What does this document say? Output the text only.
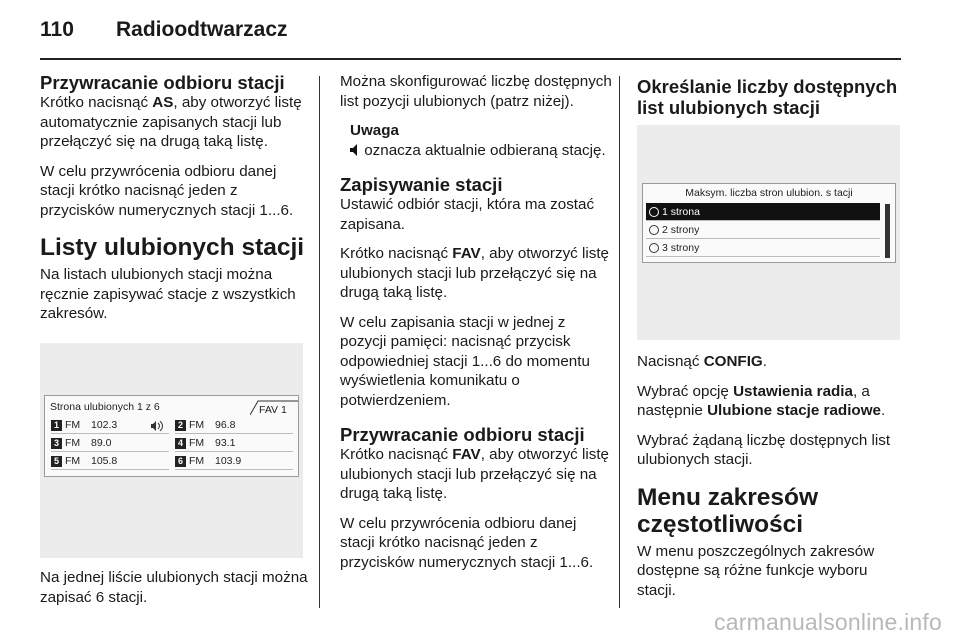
110 Radioodtwarzacz
Przywracanie odbioru stacji

Krótko nacisnąć AS, aby otworzyć listę automatycznie zapisanych stacji lub przełączyć się na drugą taką listę.

W celu przywrócenia odbioru danej stacji krótko nacisnąć jeden z przycisków numerycznych stacji 1...6.

Listy ulubionych stacji

Na listach ulubionych stacji można ręcznie zapisywać stacje z wszystkich zakresów.

Strona ulubionych 1 z 6	FAV 1
1 FM 102.3	2 FM 96.8
3 FM 89.0	4 FM 93.1
5 FM 105.8	6 FM 103.9

Na jednej liście ulubionych stacji można zapisać 6 stacji.

Można skonfigurować liczbę dostępnych list pozycji ulubionych (patrz niżej).

Uwaga
oznacza aktualnie odbieraną stację.
Zapisywanie stacji

Ustawić odbiór stacji, która ma zostać zapisana.

Krótko nacisnąć FAV, aby otworzyć listę ulubionych stacji lub przełączyć się na drugą taką listę.

W celu zapisania stacji w jednej z pozycji pamięci: nacisnąć przycisk odpowiedniej stacji 1...6 do momentu wyświetlenia komunikatu o potwierdzeniem.

Przywracanie odbioru stacji

Krótko nacisnąć FAV, aby otworzyć listę ulubionych stacji lub przełączyć się na drugą taką listę.

W celu przywrócenia odbioru danej stacji krótko nacisnąć jeden z przycisków numerycznych stacji 1...6.

Określanie liczby dostępnych list ulubionych stacji
Maksym. liczba stron ulubion. s tacji
1 strona
2 strony
3 strony

Nacisnąć CONFIG.

Wybrać opcję Ustawienia radia, a następnie Ulubione stacje radiowe.

Wybrać żądaną liczbę dostępnych list ulubionych stacji.

Menu zakresów częstotliwości

W menu poszczególnych zakresów dostępne są różne funkcje wyboru stacji.

carmanualsonline.info
